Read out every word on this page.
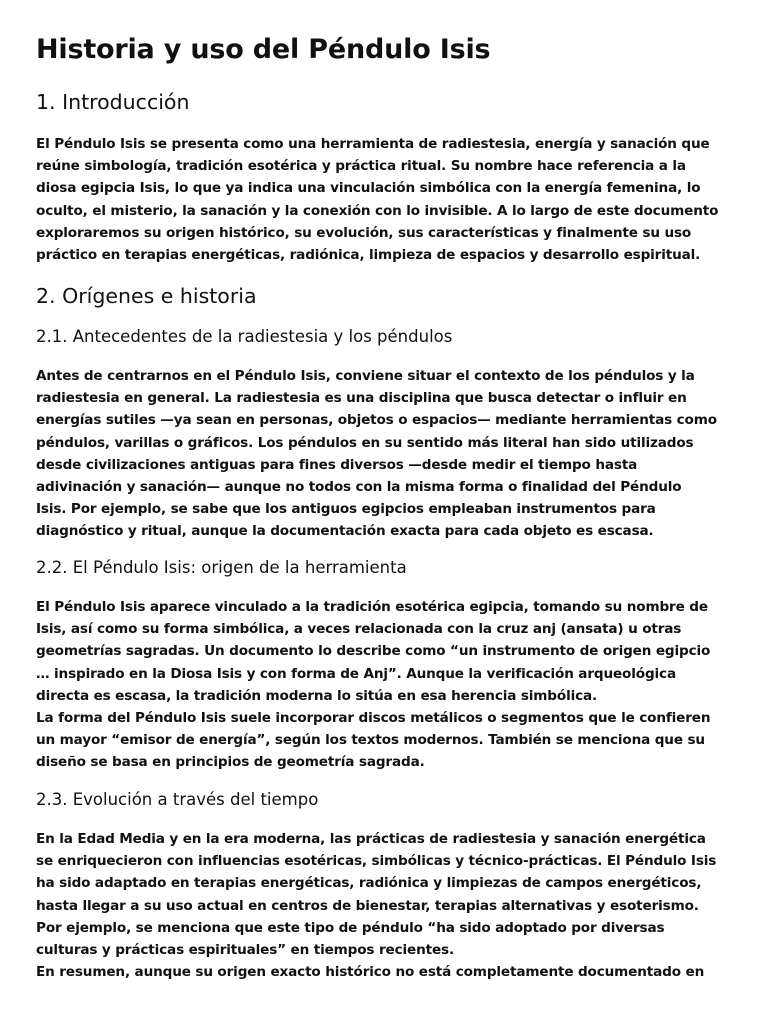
Historia y uso del Péndulo Isis
1. Introducción
El Péndulo Isis se presenta como una herramienta de radiestesia, energía y sanación que
reúne simbología, tradición esotérica y práctica ritual. Su nombre hace referencia a la
diosa egipcia Isis, lo que ya indica una vinculación simbólica con la energía femenina, lo
oculto, el misterio, la sanación y la conexión con lo invisible. A lo largo de este documento
exploraremos su origen histórico, su evolución, sus características y finalmente su uso
práctico en terapias energéticas, radiónica, limpieza de espacios y desarrollo espiritual.
2. Orígenes e historia
2.1. Antecedentes de la radiestesia y los péndulos
Antes de centrarnos en el Péndulo Isis, conviene situar el contexto de los péndulos y la
radiestesia en general. La radiestesia es una disciplina que busca detectar o influir en
energías sutiles —ya sean en personas, objetos o espacios— mediante herramientas como
péndulos, varillas o gráficos. Los péndulos en su sentido más literal han sido utilizados
desde civilizaciones antiguas para fines diversos —desde medir el tiempo hasta
adivinación y sanación— aunque no todos con la misma forma o finalidad del Péndulo
Isis. Por ejemplo, se sabe que los antiguos egipcios empleaban instrumentos para
diagnóstico y ritual, aunque la documentación exacta para cada objeto es escasa.
2.2. El Péndulo Isis: origen de la herramienta
El Péndulo Isis aparece vinculado a la tradición esotérica egipcia, tomando su nombre de
Isis, así como su forma simbólica, a veces relacionada con la cruz anj (ansata) u otras
geometrías sagradas. Un documento lo describe como “un instrumento de origen egipcio
… inspirado en la Diosa Isis y con forma de Anj”. Aunque la verificación arqueológica
directa es escasa, la tradición moderna lo sitúa en esa herencia simbólica.
La forma del Péndulo Isis suele incorporar discos metálicos o segmentos que le confieren
un mayor “emisor de energía”, según los textos modernos. También se menciona que su
diseño se basa en principios de geometría sagrada.
2.3. Evolución a través del tiempo
En la Edad Media y en la era moderna, las prácticas de radiestesia y sanación energética
se enriquecieron con influencias esotéricas, simbólicas y técnico-prácticas. El Péndulo Isis
ha sido adaptado en terapias energéticas, radiónica y limpiezas de campos energéticos,
hasta llegar a su uso actual en centros de bienestar, terapias alternativas y esoterismo.
Por ejemplo, se menciona que este tipo de péndulo “ha sido adoptado por diversas
culturas y prácticas espirituales” en tiempos recientes.
En resumen, aunque su origen exacto histórico no está completamente documentado en
